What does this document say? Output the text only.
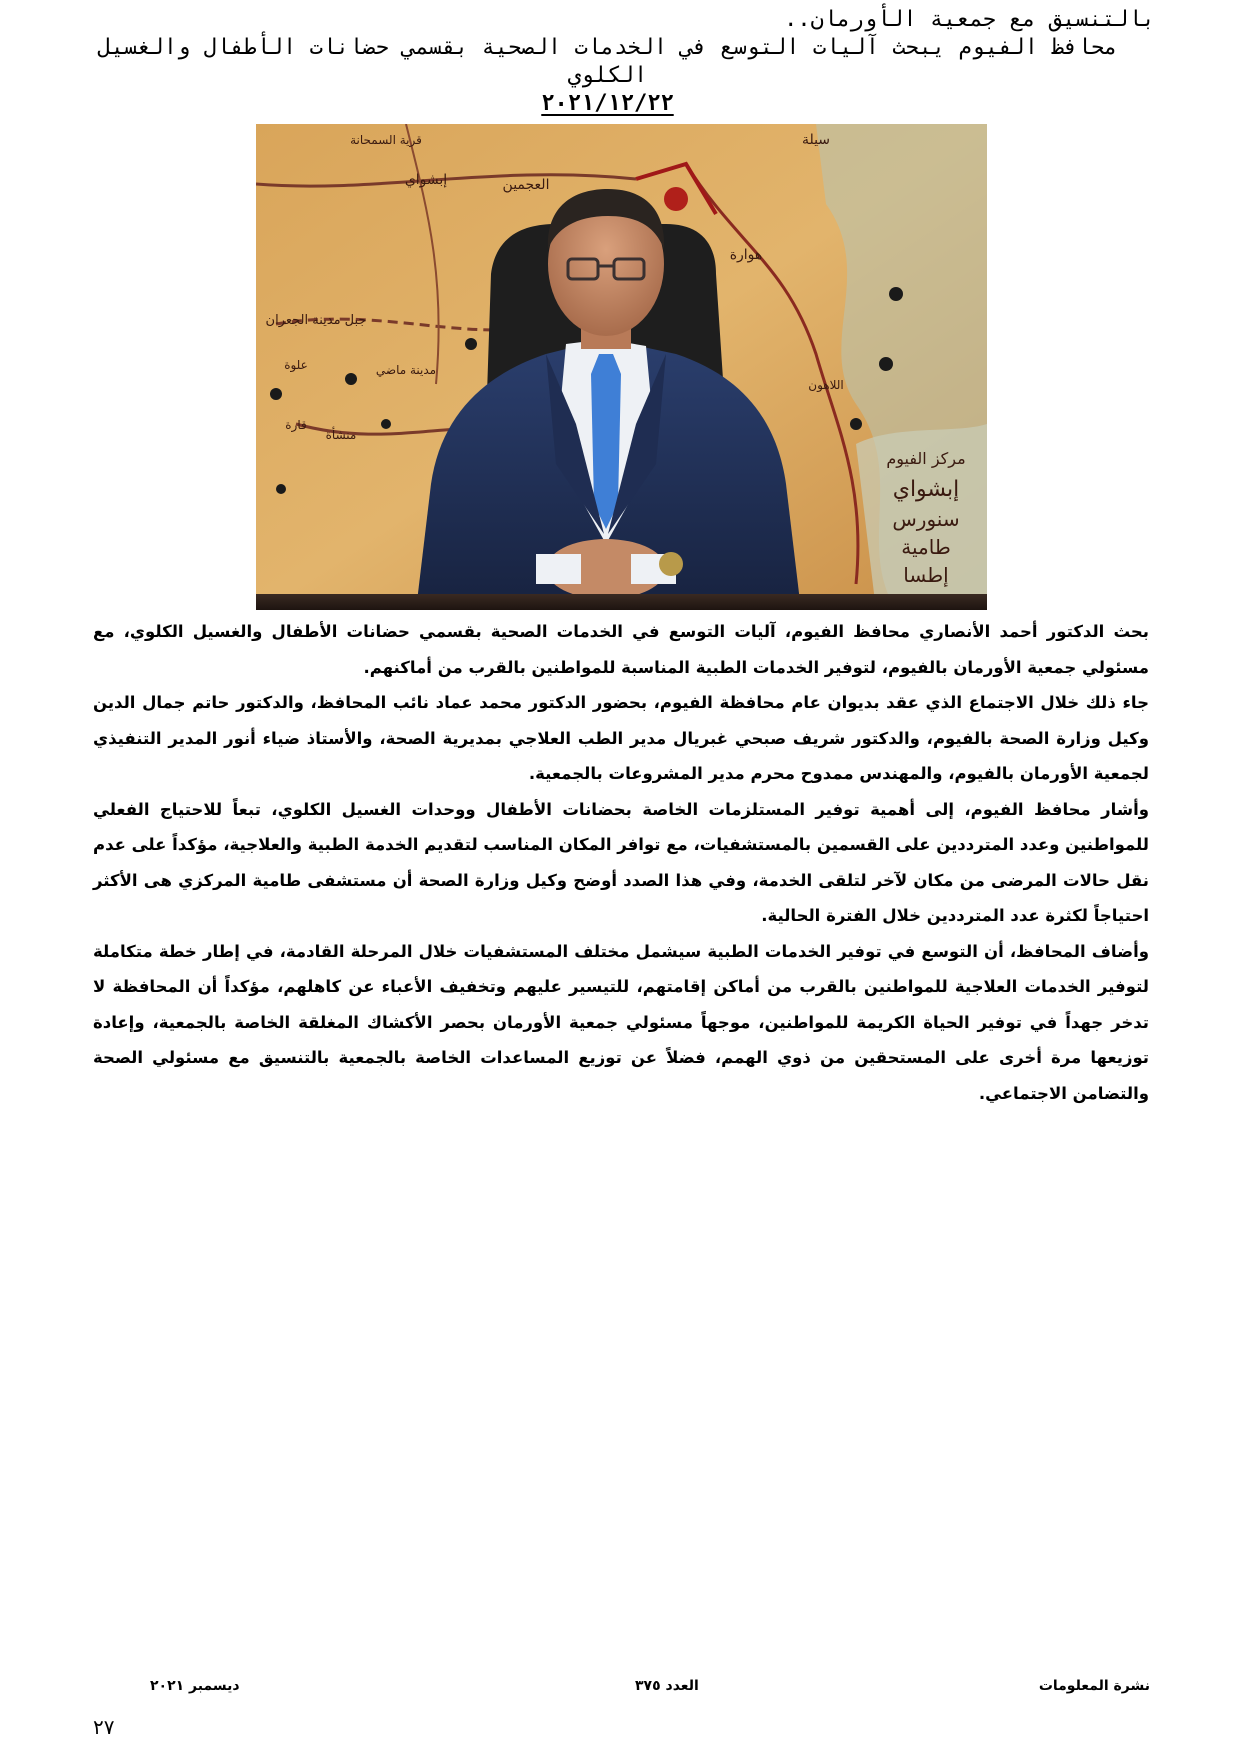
بالتنسيق مع جمعية الأورمان..
محافظ الفيوم يبحث آليات التوسع في الخدمات الصحية بقسمي حضانات الأطفال والغسيل الكلوي
٢٠٢١/١٢/٢٢
سيلة
إبشواي	العجمين
قرية السمحانة
جبل مدينة الجعران
علوة	مدينة ماضي
منشأة
قارة
مركز الفيوم
إبشواي
سنورس
طامية
إطسا
هوارة
اللاهون

بحث الدكتور أحمد الأنصاري محافظ الفيوم، آليات التوسع في الخدمات الصحية بقسمي حضانات الأطفال والغسيل الكلوي، مع مسئولي جمعية الأورمان بالفيوم، لتوفير الخدمات الطبية المناسبة للمواطنين بالقرب من أماكنهم.

جاء ذلك خلال الاجتماع الذي عقد بديوان عام محافظة الفيوم، بحضور الدكتور محمد عماد نائب المحافظ، والدكتور حاتم جمال الدين وكيل وزارة الصحة بالفيوم، والدكتور شريف صبحي غبريال مدير الطب العلاجي بمديرية الصحة، والأستاذ ضياء أنور المدير التنفيذي لجمعية الأورمان بالفيوم، والمهندس ممدوح محرم مدير المشروعات بالجمعية.

وأشار محافظ الفيوم، إلى أهمية توفير المستلزمات الخاصة بحضانات الأطفال ووحدات الغسيل الكلوي، تبعاً للاحتياج الفعلي للمواطنين وعدد المترددين على القسمين بالمستشفيات، مع توافر المكان المناسب لتقديم الخدمة الطبية والعلاجية، مؤكداً على عدم نقل حالات المرضى من مكان لآخر لتلقى الخدمة، وفي هذا الصدد أوضح وكيل وزارة الصحة أن مستشفى طامية المركزي هى الأكثر احتياجاً لكثرة عدد المترددين خلال الفترة الحالية.

وأضاف المحافظ، أن التوسع في توفير الخدمات الطبية سيشمل مختلف المستشفيات خلال المرحلة القادمة، في إطار خطة متكاملة لتوفير الخدمات العلاجية للمواطنين بالقرب من أماكن إقامتهم، للتيسير عليهم وتخفيف الأعباء عن كاهلهم، مؤكداً أن المحافظة لا تدخر جهداً في توفير الحياة الكريمة للمواطنين، موجهاً مسئولي جمعية الأورمان بحصر الأكشاك المغلقة الخاصة بالجمعية، وإعادة توزيعها مرة أخرى على المستحقين من ذوي الهمم، فضلاً عن توزيع المساعدات الخاصة بالجمعية بالتنسيق مع مسئولي الصحة والتضامن الاجتماعي.

نشرة المعلومات
العدد ٣٧٥
ديسمبر ٢٠٢١
٢٧
